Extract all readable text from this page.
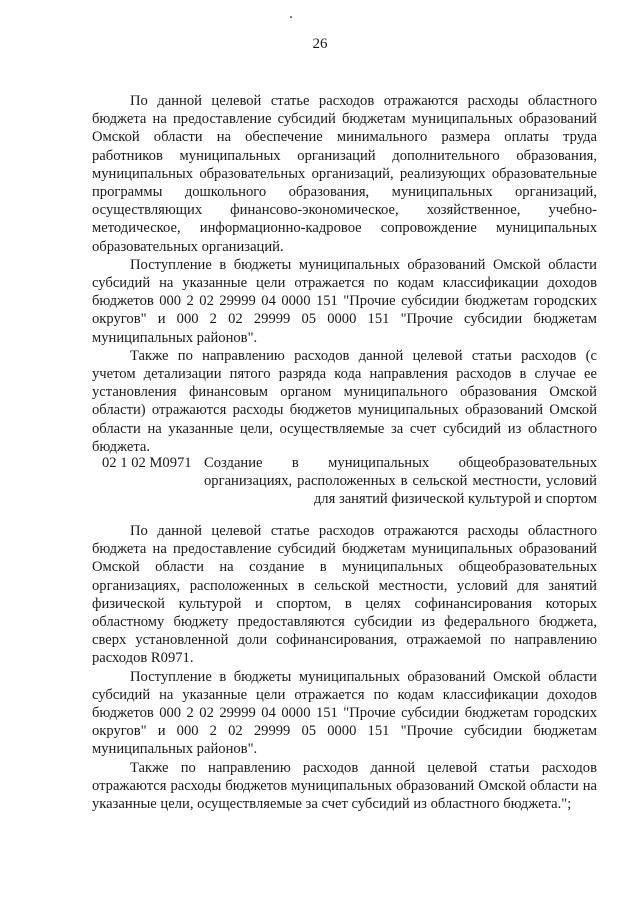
26

По данной целевой статье расходов отражаются расходы областного бюджета на предоставление субсидий бюджетам муниципальных образований Омской области на обеспечение минимального размера оплаты труда работников муниципальных организаций дополнительного образования, муниципальных образовательных организаций, реализующих образовательные программы дошкольного образования, муниципальных организаций, осуществляющих финансово-экономическое, хозяйственное, учебно-методическое, информационно-кадровое сопровождение муниципальных образовательных организаций.

Поступление в бюджеты муниципальных образований Омской области субсидий на указанные цели отражается по кодам классификации доходов бюджетов 000 2 02 29999 04 0000 151 "Прочие субсидии бюджетам городских округов" и 000 2 02 29999 05 0000 151 "Прочие субсидии бюджетам муниципальных районов".

Также по направлению расходов данной целевой статьи расходов (с учетом детализации пятого разряда кода направления расходов в случае ее установления финансовым органом муниципального образования Омской области) отражаются расходы бюджетов муниципальных образований Омской области на указанные цели, осуществляемые за счет субсидий из областного бюджета.

02 1 02 M0971 Создание в муниципальных общеобразовательных организациях, расположенных в сельской местности, условий для занятий физической культурой и спортом

По данной целевой статье расходов отражаются расходы областного бюджета на предоставление субсидий бюджетам муниципальных образований Омской области на создание в муниципальных общеобразовательных организациях, расположенных в сельской местности, условий для занятий физической культурой и спортом, в целях софинансирования которых областному бюджету предоставляются субсидии из федерального бюджета, сверх установленной доли софинансирования, отражаемой по направлению расходов R0971.

Поступление в бюджеты муниципальных образований Омской области субсидий на указанные цели отражается по кодам классификации доходов бюджетов 000 2 02 29999 04 0000 151 "Прочие субсидии бюджетам городских округов" и 000 2 02 29999 05 0000 151 "Прочие субсидии бюджетам муниципальных районов".

Также по направлению расходов данной целевой статьи расходов отражаются расходы бюджетов муниципальных образований Омской области на указанные цели, осуществляемые за счет субсидий из областного бюджета.";
